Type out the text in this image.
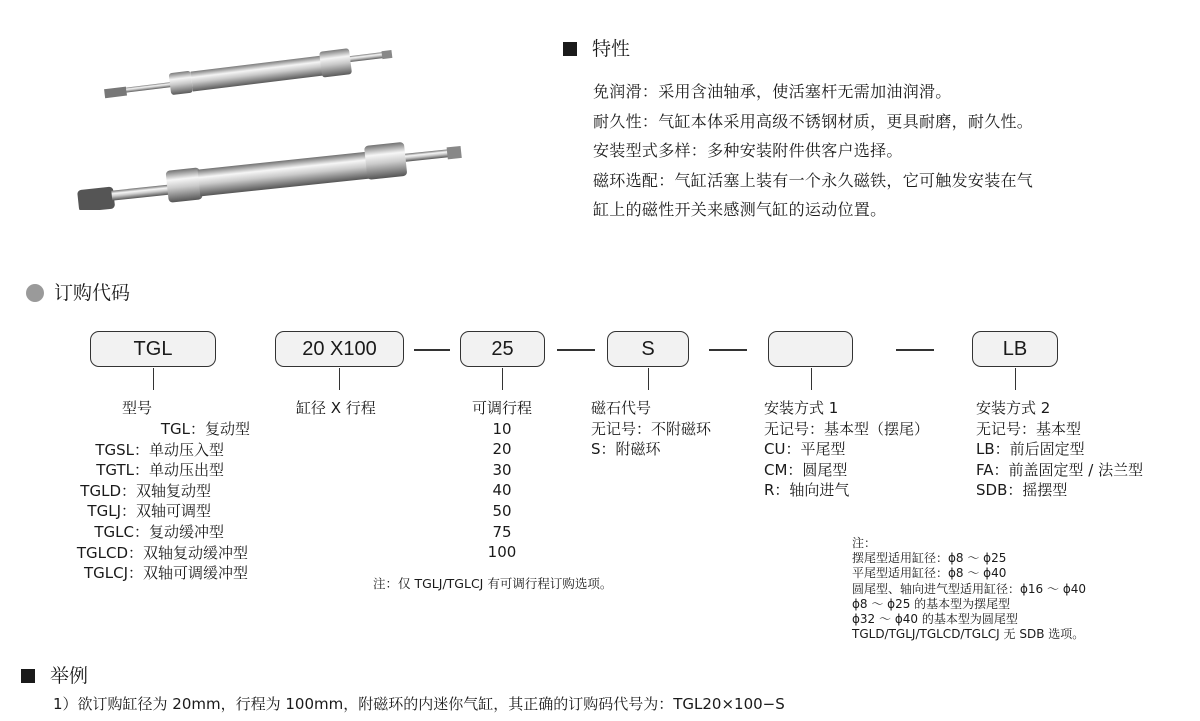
特性
免润滑：采用含油轴承，使活塞杆无需加油润滑。
耐久性：气缸本体采用高级不锈钢材质，更具耐磨，耐久性。
安装型式多样：多种安装附件供客户选择。
磁环选配：气缸活塞上装有一个永久磁铁，它可触发安装在气
缸上的磁性开关来感测气缸的运动位置。
订购代码
TGL	20 X100	25	S	LB
型号
TGL：复动型
TGSL：单动压入型
TGTL：单动压出型
TGLD：双轴复动型
TGLJ：双轴可调型
TGLC：复动缓冲型
TGLCD：双轴复动缓冲型
TGLCJ：双轴可调缓冲型
缸径 X 行程	可调行程
10
20
30
40
50
75
100
注：仅 TGLJ/TGLCJ 有可调行程订购选项。
磁石代号
无记号：不附磁环
S：附磁环
安装方式 1
无记号：基本型（摆尾）
CU：平尾型
CM：圆尾型
R：轴向进气
安装方式 2
无记号：基本型
LB：前后固定型
FA：前盖固定型 / 法兰型
SDB：摇摆型
注：
摆尾型适用缸径：ϕ8 ～ ϕ25
平尾型适用缸径：ϕ8 ～ ϕ40
圆尾型、轴向进气型适用缸径：ϕ16 ～ ϕ40
ϕ8 ～ ϕ25 的基本型为摆尾型
ϕ32 ～ ϕ40 的基本型为圆尾型
TGLD/TGLJ/TGLCD/TGLCJ 无 SDB 选项。
举例
1）欲订购缸径为 20mm，行程为 100mm，附磁环的内迷你气缸，其正确的订购码代号为：TGL20×100−S
